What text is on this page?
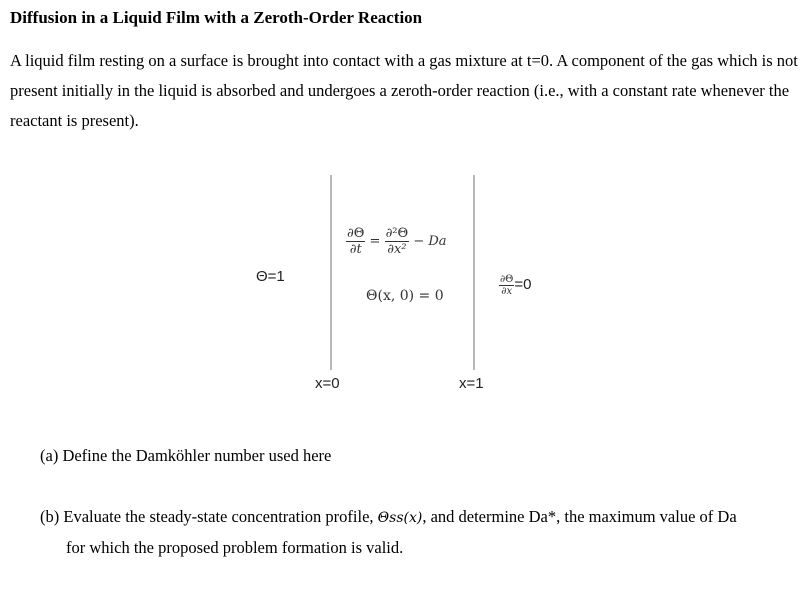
Diffusion in a Liquid Film with a Zeroth-Order Reaction
A liquid film resting on a surface is brought into contact with a gas mixture at t=0. A component of the gas which is not present initially in the liquid is absorbed and undergoes a zeroth-order reaction (i.e., with a constant rate whenever the reactant is present).
Θ=1
$\frac{\partial\Theta}{\partial t} = \frac{\text{∂²Θ}}{\text{∂x²}} - Da$
Θ(x, 0) = 0	$\frac{\partial\Theta}{\partial x} =0$
x=0	x=1
(a) Define the Damköhler number used here
(b) Evaluate the steady-state concentration profile, Θss(x), and determine Da*, the maximum value of Da
for which the proposed problem formation is valid.
